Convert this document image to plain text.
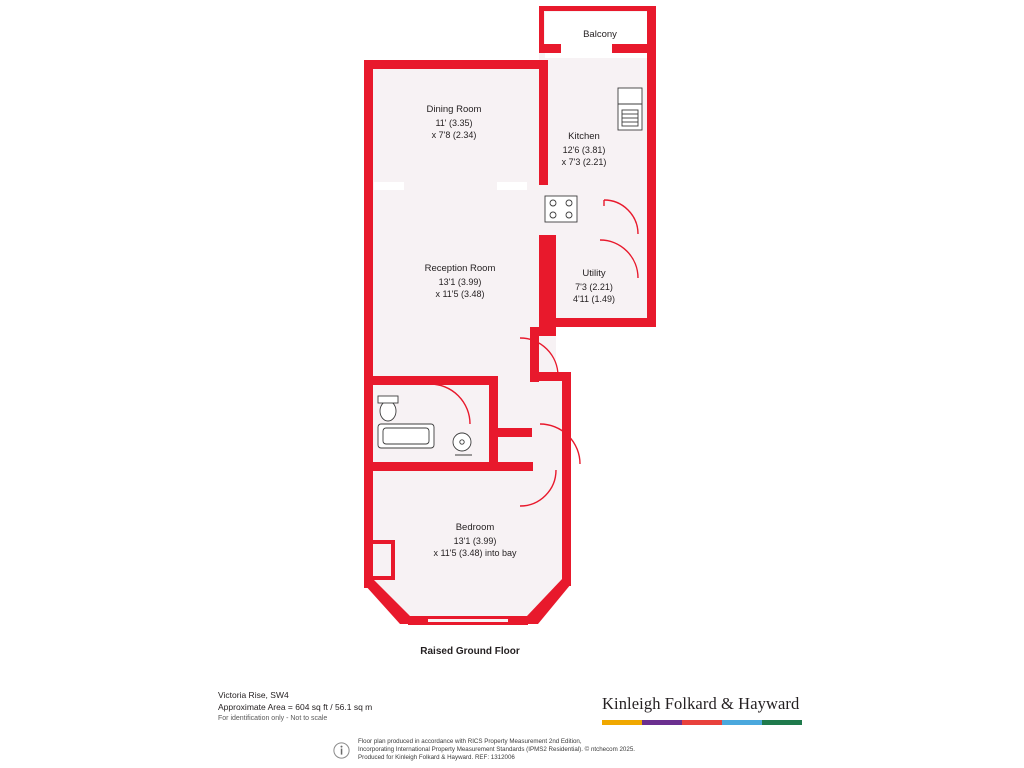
Dining Room
11' (3.35)
x 7'8 (2.34)	Kitchen
12'6 (3.81)
x 7'3 (2.21)
Reception Room
13'1 (3.99)
x 11'5 (3.48)
Utility
7'3 (2.21)
4'11 (1.49)
Bedroom
13'1 (3.99)
x 11'5 (3.48) into bay
Balcony
Raised Ground Floor
Victoria Rise, SW4
Approximate Area = 604 sq ft / 56.1 sq m
For identification only - Not to scale
Kinleigh Folkard & Hayward
Floor plan produced in accordance with RICS Property Measurement 2nd Edition,
Incorporating International Property Measurement Standards (IPMS2 Residential). © ntchecom 2025.
Produced for Kinleigh Folkard & Hayward. REF: 1312006
